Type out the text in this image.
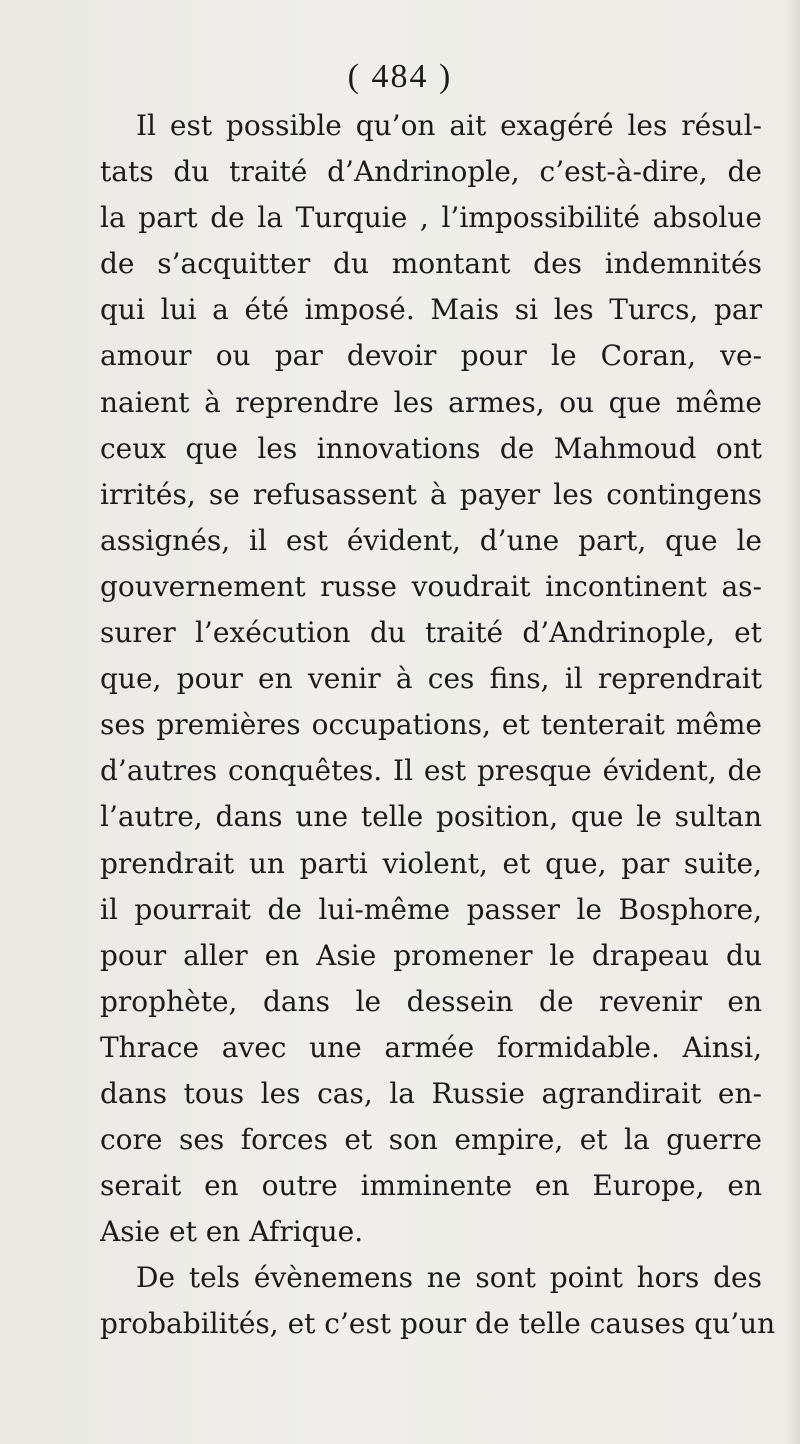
( 484 )
Il est possible qu’on ait exagéré les résul-
tats du traité d’Andrinople, c’est-à-dire, de
la part de la Turquie , l’impossibilité absolue
de s’acquitter du montant des indemnités
qui lui a été imposé. Mais si les Turcs, par
amour ou par devoir pour le Coran, ve-
naient à reprendre les armes, ou que même
ceux que les innovations de Mahmoud ont
irrités, se refusassent à payer les contingens
assignés, il est évident, d’une part, que le
gouvernement russe voudrait incontinent as-
surer l’exécution du traité d’Andrinople, et
que, pour en venir à ces fins, il reprendrait
ses premières occupations, et tenterait même
d’autres conquêtes. Il est presque évident, de
l’autre, dans une telle position, que le sultan
prendrait un parti violent, et que, par suite,
il pourrait de lui-même passer le Bosphore,
pour aller en Asie promener le drapeau du
prophète, dans le dessein de revenir en
Thrace avec une armée formidable. Ainsi,
dans tous les cas, la Russie agrandirait en-
core ses forces et son empire, et la guerre
serait en outre imminente en Europe, en
Asie et en Afrique.
De tels évènemens ne sont point hors des
probabilités, et c’est pour de telle causes qu’un
